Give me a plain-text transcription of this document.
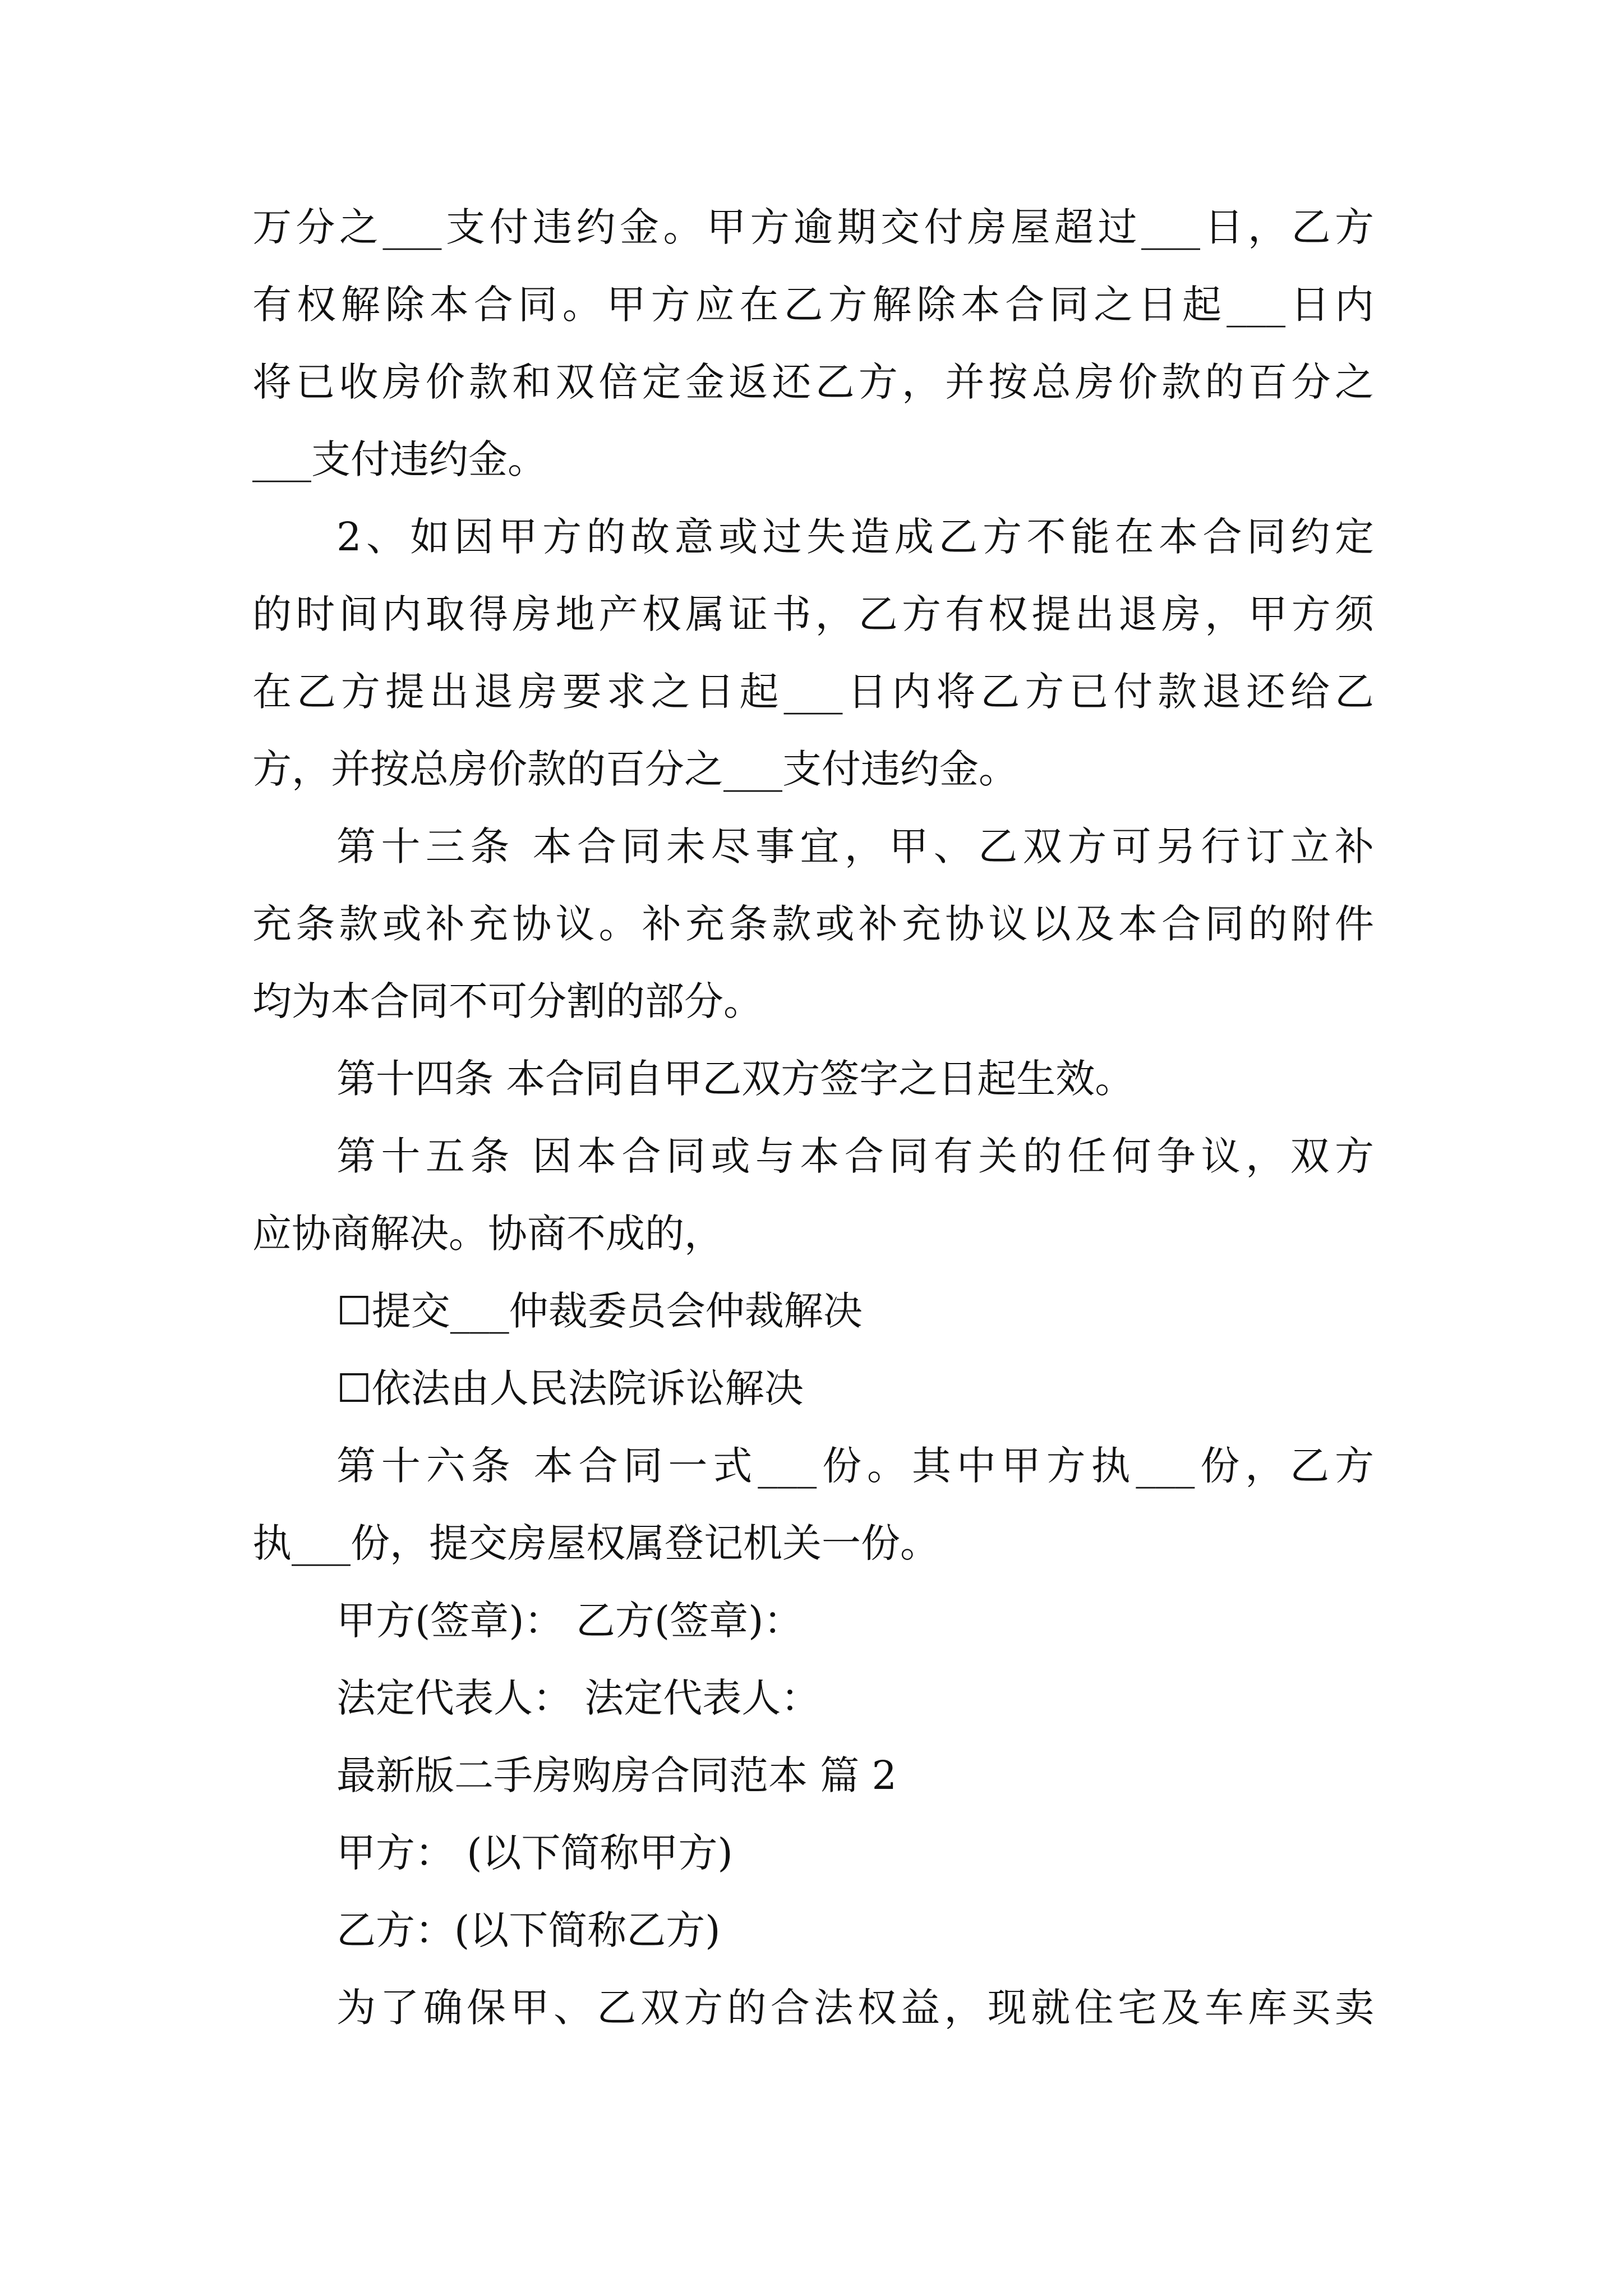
万分之___支付违约金。甲方逾期交付房屋超过___日，乙方
有权解除本合同。甲方应在乙方解除本合同之日起___日内
将已收房价款和双倍定金返还乙方，并按总房价款的百分之
___支付违约金。
2、如因甲方的故意或过失造成乙方不能在本合同约定
的时间内取得房地产权属证书，乙方有权提出退房，甲方须
在乙方提出退房要求之日起___日内将乙方已付款退还给乙
方，并按总房价款的百分之___支付违约金。
第十三条 本合同未尽事宜，甲、乙双方可另行订立补
充条款或补充协议。补充条款或补充协议以及本合同的附件
均为本合同不可分割的部分。
第十四条 本合同自甲乙双方签字之日起生效。
第十五条 因本合同或与本合同有关的任何争议，双方
应协商解决。协商不成的，
☐提交___仲裁委员会仲裁解决
☐依法由人民法院诉讼解决
第十六条 本合同一式___份。其中甲方执___份，乙方
执___份，提交房屋权属登记机关一份。
甲方(签章)： 乙方(签章)：
法定代表人： 法定代表人：
最新版二手房购房合同范本 篇 2
甲方： (以下简称甲方)
乙方：(以下简称乙方)
为了确保甲、乙双方的合法权益，现就住宅及车库买卖
